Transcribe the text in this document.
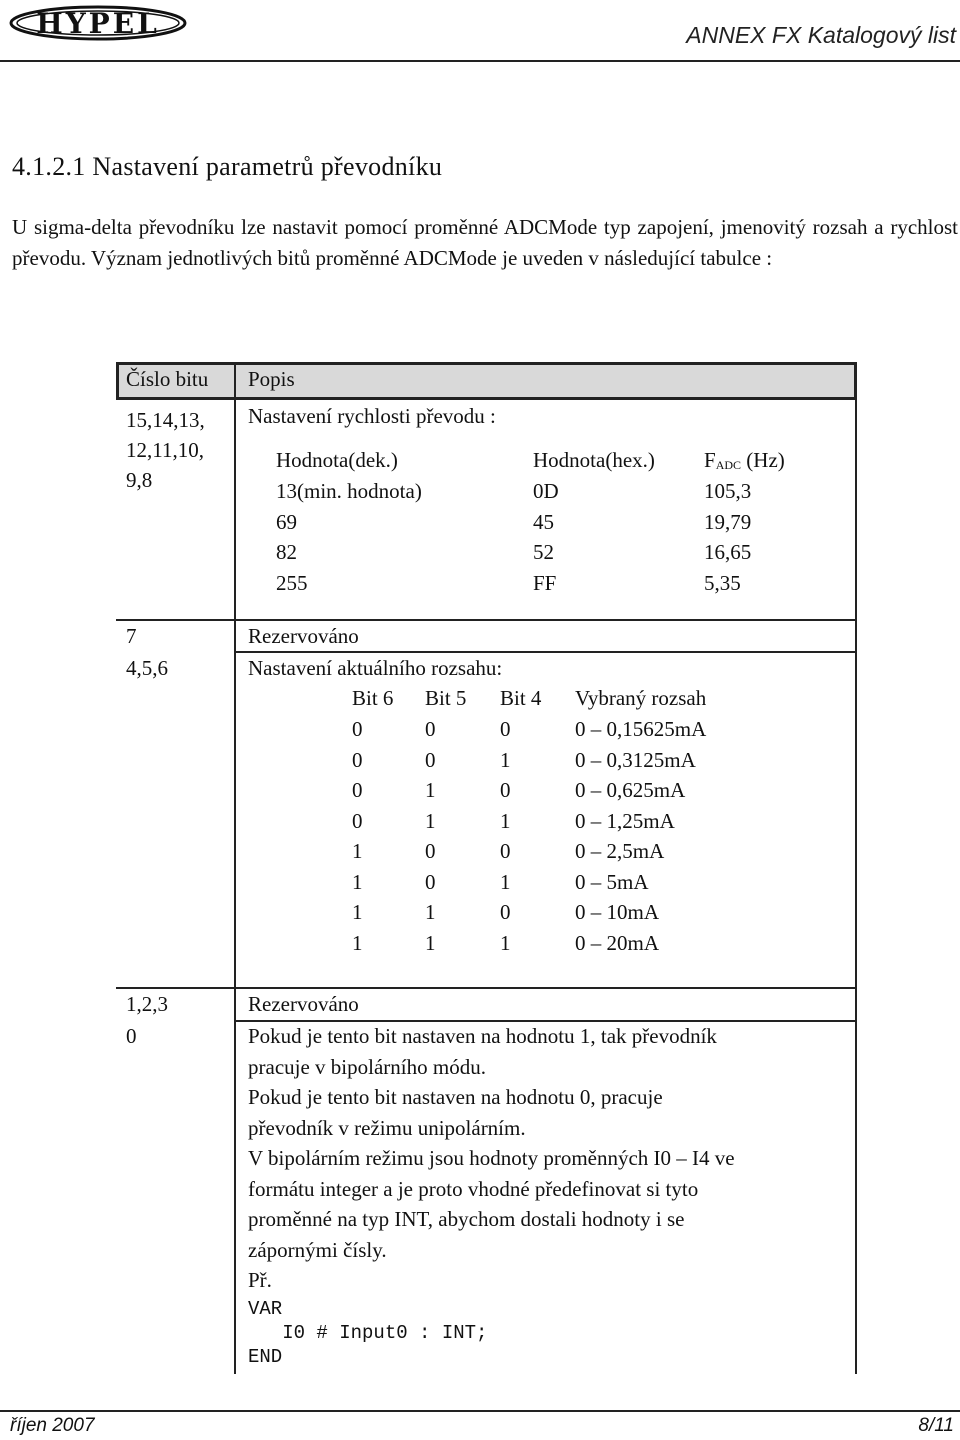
HYPEL	ANNEX FX Katalogový list
4.1.2.1 Nastavení parametrů převodníku
U sigma-delta převodníku lze nastavit pomocí proměnné ADCMode typ zapojení, jmenovitý rozsah a rychlost převodu. Význam jednotlivých bitů proměnné ADCMode je uveden v následující tabulce :
Číslo bitu Popis
15,14,13,
12,11,10,
9,8
Nastavení rychlosti převodu :
Hodnota(dek.)	Hodnota(hex.) $F_{ADC}$ (Hz)
13(min. hodnota)	0D	105,3
69	45	19,79
82	52	16,65
255	FF	5,35
7	Rezervováno
4,5,6	Nastavení aktuálního rozsahu:
Bit 6 Bit 5 Bit 4 Vybraný rozsah
0	0	0	0 – 0,15625mA
0	0	1	0 – 0,3125mA
0	1	0	0 – 0,625mA
0	1	1	0 – 1,25mA
1	0	0	0 – 2,5mA
1	0	1	0 – 5mA
1	1	0	0 – 10mA
1	1	1	0 – 20mA
1,2,3	Rezervováno
0	Pokud je tento bit nastaven na hodnotu 1, tak převodník
pracuje v bipolárního módu.
Pokud je tento bit nastaven na hodnotu 0, pracuje
převodník v režimu unipolárním.
V bipolárním režimu jsou hodnoty proměnných I0 – I4 ve
formátu integer a je proto vhodné předefinovat si tyto
proměnné na typ INT, abychom dostali hodnoty i se
zápornými čísly.
Př.
VAR
I0 # Input0 : INT;
END
říjen 2007	8/11
